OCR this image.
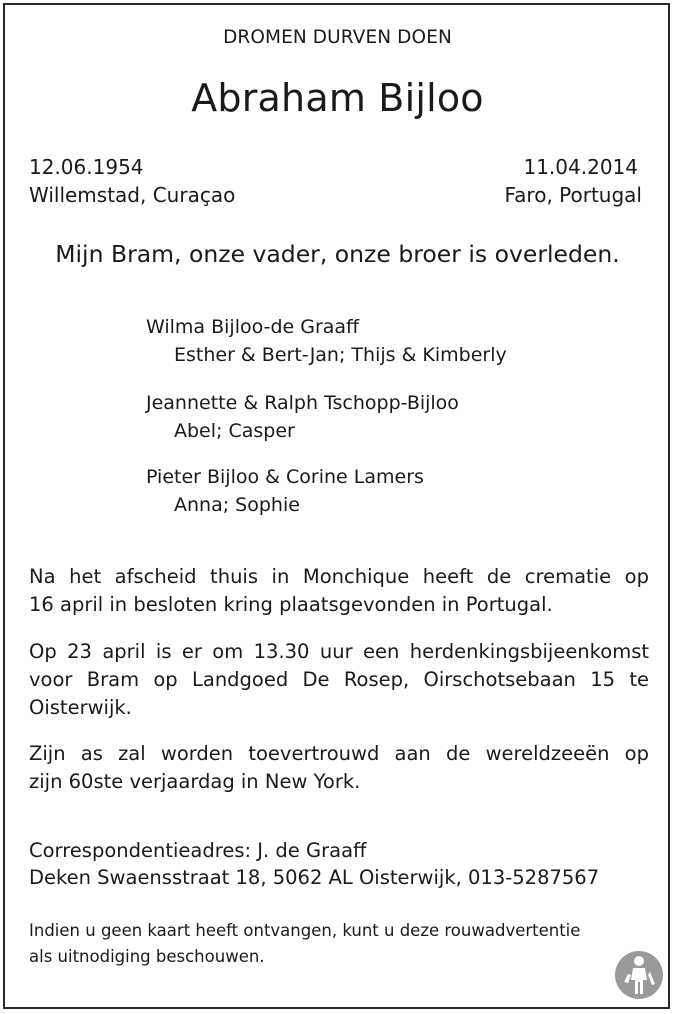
DROMEN DURVEN DOEN
Abraham Bijloo
12.06.1954
Willemstad, Curaçao
11.04.2014
Faro, Portugal
Mijn Bram, onze vader, onze broer is overleden.
Wilma Bijloo-de Graaff
Esther & Bert-Jan; Thijs & Kimberly
Jeannette & Ralph Tschopp-Bijloo
Abel; Casper
Pieter Bijloo & Corine Lamers
Anna; Sophie
Na het afscheid thuis in Monchique heeft de crematie op
16 april in besloten kring plaatsgevonden in Portugal.
Op 23 april is er om 13.30 uur een herdenkingsbijeenkomst
voor Bram op Landgoed De Rosep, Oirschotsebaan 15 te
Oisterwijk.
Zijn as zal worden toevertrouwd aan de wereldzeeën op
zijn 60ste verjaardag in New York.
Correspondentieadres: J. de Graaff
Deken Swaensstraat 18, 5062 AL Oisterwijk, 013-5287567
Indien u geen kaart heeft ontvangen, kunt u deze rouwadvertentie
als uitnodiging beschouwen.
